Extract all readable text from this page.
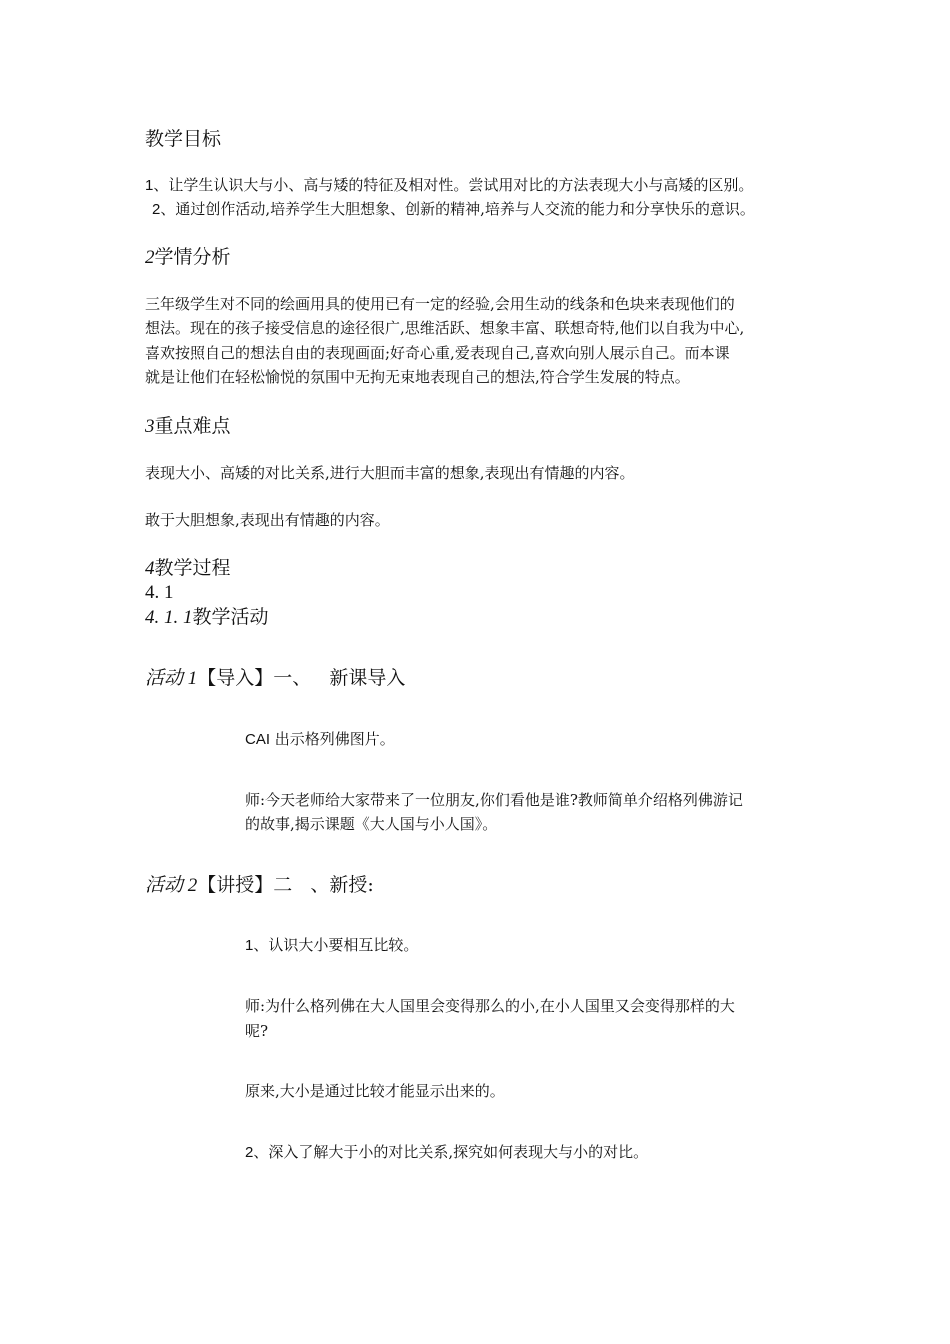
教学目标
1、让学生认识大与小、高与矮的特征及相对性。尝试用对比的方法表现大小与高矮的区别。
2、通过创作活动,培养学生大胆想象、创新的精神,培养与人交流的能力和分享快乐的意识。
2学情分析
三年级学生对不同的绘画用具的使用已有一定的经验,会用生动的线条和色块来表现他们的
想法。现在的孩子接受信息的途径很广,思维活跃、想象丰富、联想奇特,他们以自我为中心,
喜欢按照自己的想法自由的表现画面;好奇心重,爱表现自己,喜欢向别人展示自己。而本课
就是让他们在轻松愉悦的氛围中无拘无束地表现自己的想法,符合学生发展的特点。
3重点难点
表现大小、高矮的对比关系,进行大胆而丰富的想象,表现出有情趣的内容。
敢于大胆想象,表现出有情趣的内容。
4教学过程
4. 1
4. 1. 1教学活动
活动 1【导入】一、   新课导入
CAI 出示格列佛图片。
师:今天老师给大家带来了一位朋友,你们看他是谁?教师简单介绍格列佛游记
的故事,揭示课题《大人国与小人国》。
活动 2【讲授】二   、新授:
1、认识大小要相互比较。
师:为什么格列佛在大人国里会变得那么的小,在小人国里又会变得那样的大
呢?
原来,大小是通过比较才能显示出来的。
2、深入了解大于小的对比关系,探究如何表现大与小的对比。
